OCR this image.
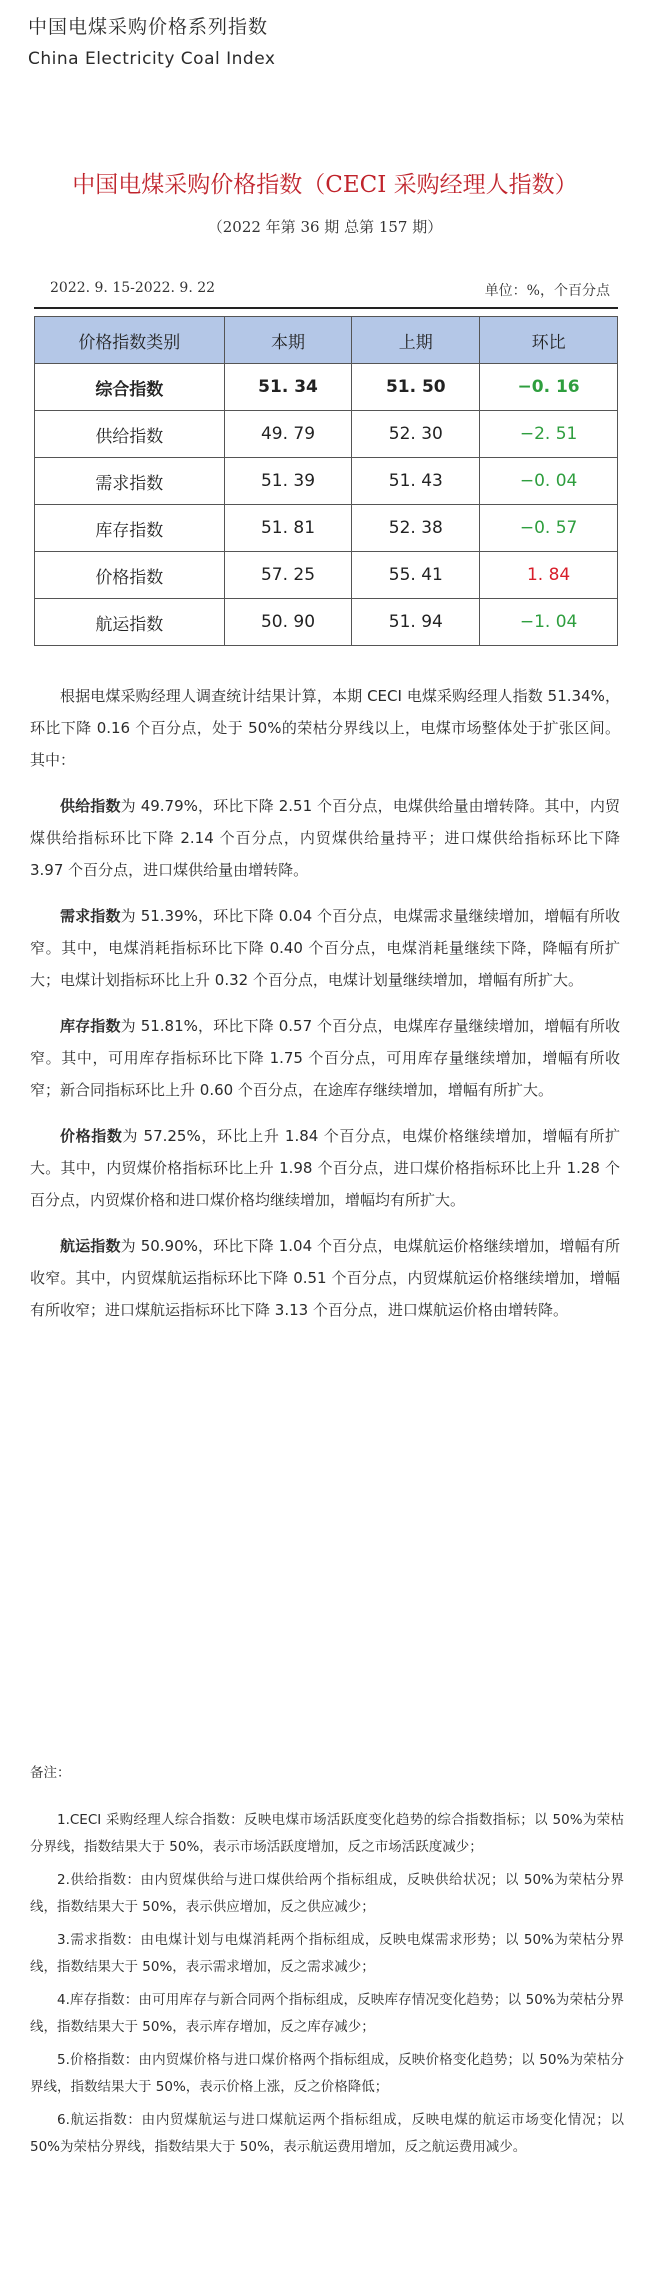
中国电煤采购价格系列指数
China Electricity Coal Index
中国电煤采购价格指数（CECI 采购经理人指数）
（2022 年第 36 期 总第 157 期）
2022. 9. 15-2022. 9. 22	单位：%，个百分点
价格指数类别	本期	上期	环比
综合指数	51. 34	51. 50	−0. 16
供给指数	49. 79	52. 30	−2. 51
需求指数	51. 39	51. 43	−0. 04
库存指数	51. 81	52. 38	−0. 57
价格指数	57. 25	55. 41	1. 84
航运指数	50. 90	51. 94	−1. 04

根据电煤采购经理人调查统计结果计算，本期 CECI 电煤采购经理人指数 51.34%，环比下降 0.16 个百分点，处于 50%的荣枯分界线以上，电煤市场整体处于扩张区间。其中：

供给指数为 49.79%，环比下降 2.51 个百分点，电煤供给量由增转降。其中，内贸煤供给指标环比下降 2.14 个百分点，内贸煤供给量持平；进口煤供给指标环比下降 3.97 个百分点，进口煤供给量由增转降。

需求指数为 51.39%，环比下降 0.04 个百分点，电煤需求量继续增加，增幅有所收窄。其中，电煤消耗指标环比下降 0.40 个百分点，电煤消耗量继续下降，降幅有所扩大；电煤计划指标环比上升 0.32 个百分点，电煤计划量继续增加，增幅有所扩大。

库存指数为 51.81%，环比下降 0.57 个百分点，电煤库存量继续增加，增幅有所收窄。其中，可用库存指标环比下降 1.75 个百分点，可用库存量继续增加，增幅有所收窄；新合同指标环比上升 0.60 个百分点，在途库存继续增加，增幅有所扩大。

价格指数为 57.25%，环比上升 1.84 个百分点，电煤价格继续增加，增幅有所扩大。其中，内贸煤价格指标环比上升 1.98 个百分点，进口煤价格指标环比上升 1.28 个百分点，内贸煤价格和进口煤价格均继续增加，增幅均有所扩大。

航运指数为 50.90%，环比下降 1.04 个百分点，电煤航运价格继续增加，增幅有所收窄。其中，内贸煤航运指标环比下降 0.51 个百分点，内贸煤航运价格继续增加，增幅有所收窄；进口煤航运指标环比下降 3.13 个百分点，进口煤航运价格由增转降。

备注：

1.CECI 采购经理人综合指数：反映电煤市场活跃度变化趋势的综合指数指标；以 50%为荣枯分界线，指数结果大于 50%，表示市场活跃度增加，反之市场活跃度减少；

2.供给指数：由内贸煤供给与进口煤供给两个指标组成，反映供给状况；以 50%为荣枯分界线，指数结果大于 50%，表示供应增加，反之供应减少；

3.需求指数：由电煤计划与电煤消耗两个指标组成，反映电煤需求形势；以 50%为荣枯分界线，指数结果大于 50%，表示需求增加，反之需求减少；

4.库存指数：由可用库存与新合同两个指标组成，反映库存情况变化趋势；以 50%为荣枯分界线，指数结果大于 50%，表示库存增加，反之库存减少；

5.价格指数：由内贸煤价格与进口煤价格两个指标组成，反映价格变化趋势；以 50%为荣枯分界线，指数结果大于 50%，表示价格上涨，反之价格降低；

6.航运指数：由内贸煤航运与进口煤航运两个指标组成，反映电煤的航运市场变化情况；以 50%为荣枯分界线，指数结果大于 50%，表示航运费用增加，反之航运费用减少。
